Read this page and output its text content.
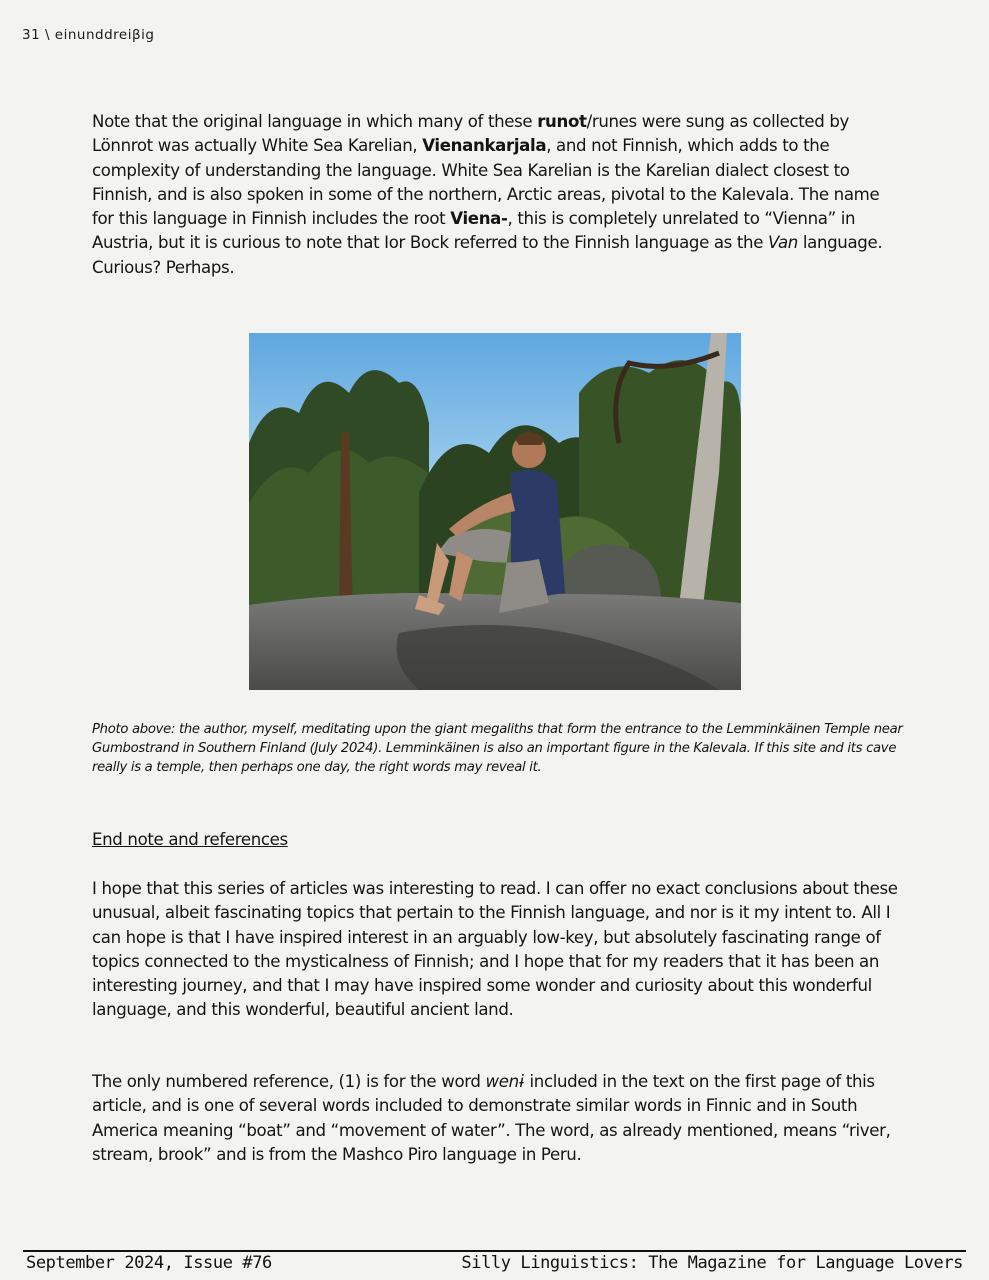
31 \ einunddreiβig

Note that the original language in which many of these runot/runes were sung as collected by Lönnrot was actually White Sea Karelian, Vienankarjala, and not Finnish, which adds to the complexity of understanding the language. White Sea Karelian is the Karelian dialect closest to Finnish, and is also spoken in some of the northern, Arctic areas, pivotal to the Kalevala. The name for this language in Finnish includes the root Viena-, this is completely unrelated to “Vienna” in Austria, but it is curious to note that Ior Bock referred to the Finnish language as the Van language. Curious? Perhaps.

Photo above: the author, myself, meditating upon the giant megaliths that form the entrance to the Lemminkäinen Temple near Gumbostrand in Southern Finland (July 2024). Lemminkäinen is also an important figure in the Kalevala. If this site and its cave really is a temple, then perhaps one day, the right words may reveal it.
End note and references

I hope that this series of articles was interesting to read. I can offer no exact conclusions about these unusual, albeit fascinating topics that pertain to the Finnish language, and nor is it my intent to. All I can hope is that I have inspired interest in an arguably low-key, but absolutely fascinating range of topics connected to the mysticalness of Finnish; and I hope that for my readers that it has been an interesting journey, and that I may have inspired some wonder and curiosity about this wonderful language, and this wonderful, beautiful ancient land.

The only numbered reference, (1) is for the word wenɨ included in the text on the first page of this article, and is one of several words included to demonstrate similar words in Finnic and in South America meaning “boat” and “movement of water”. The word, as already mentioned, means “river, stream, brook” and is from the Mashco Piro language in Peru.

September 2024, Issue #76	Silly Linguistics: The Magazine for Language Lovers
